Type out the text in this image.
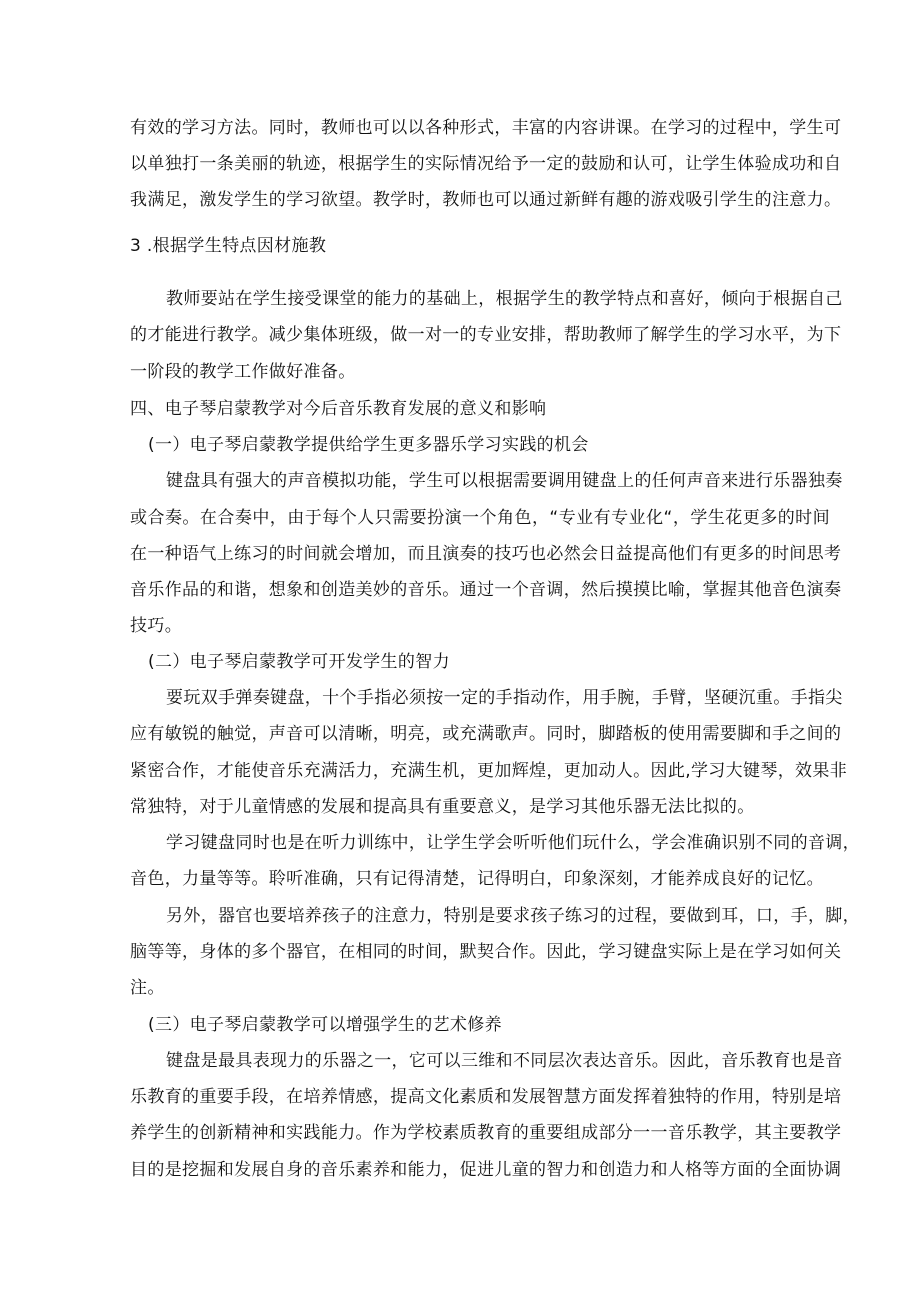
有效的学习方法。同时，教师也可以以各种形式，丰富的内容讲课。在学习的过程中，学生可
以单独打一条美丽的轨迹，根据学生的实际情况给予一定的鼓励和认可，让学生体验成功和自
我满足，激发学生的学习欲望。教学时，教师也可以通过新鲜有趣的游戏吸引学生的注意力。
3 .根据学生特点因材施教
教师要站在学生接受课堂的能力的基础上，根据学生的教学特点和喜好，倾向于根据自己
的才能进行教学。减少集体班级，做一对一的专业安排，帮助教师了解学生的学习水平，为下
一阶段的教学工作做好准备。
四、电子琴启蒙教学对今后音乐教育发展的意义和影响
(一）电子琴启蒙教学提供给学生更多器乐学习实践的机会
键盘具有强大的声音模拟功能，学生可以根据需要调用键盘上的任何声音来进行乐器独奏
或合奏。在合奏中，由于每个人只需要扮演一个角色，“专业有专业化“，学生花更多的时间
在一种语气上练习的时间就会增加，而且演奏的技巧也必然会日益提高他们有更多的时间思考
音乐作品的和谐，想象和创造美妙的音乐。通过一个音调，然后摸摸比喻，掌握其他音色演奏
技巧。
(二）电子琴启蒙教学可开发学生的智力
要玩双手弹奏键盘，十个手指必须按一定的手指动作，用手腕，手臂，坚硬沉重。手指尖
应有敏锐的触觉，声音可以清晰，明亮，或充满歌声。同时，脚踏板的使用需要脚和手之间的
紧密合作，才能使音乐充满活力，充满生机，更加辉煌，更加动人。因此,学习大键琴，效果非
常独特，对于儿童情感的发展和提高具有重要意义，是学习其他乐器无法比拟的。
学习键盘同时也是在听力训练中，让学生学会听听他们玩什么，学会准确识别不同的音调，
音色，力量等等。聆听准确，只有记得清楚，记得明白，印象深刻，才能养成良好的记忆。
另外，器官也要培养孩子的注意力，特别是要求孩子练习的过程，要做到耳，口，手，脚，
脑等等，身体的多个器官，在相同的时间，默契合作。因此，学习键盘实际上是在学习如何关
注。
(三）电子琴启蒙教学可以增强学生的艺术修养
键盘是最具表现力的乐器之一，它可以三维和不同层次表达音乐。因此，音乐教育也是音
乐教育的重要手段，在培养情感，提高文化素质和发展智慧方面发挥着独特的作用，特别是培
养学生的创新精神和实践能力。作为学校素质教育的重要组成部分一一音乐教学，其主要教学
目的是挖掘和发展自身的音乐素养和能力，促进儿童的智力和创造力和人格等方面的全面协调
